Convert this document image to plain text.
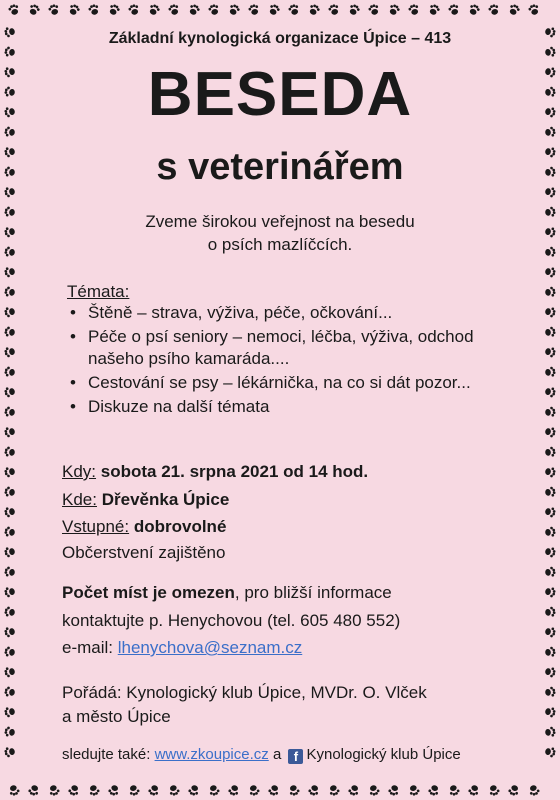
Základní kynologická organizace Úpice – 413
BESEDA
s veterinářem
Zveme širokou veřejnost na besedu
o psích mazlíčcích.
Témata:
• Štěně – strava, výživa, péče, očkování...
• Péče o psí seniory – nemoci, léčba, výživa, odchod našeho psího kamaráda....
• Cestování se psy – lékárnička, na co si dát pozor...
• Diskuze na další témata
Kdy: sobota 21. srpna 2021 od 14 hod.
Kde: Dřevěnka Úpice
Vstupné: dobrovolné
Občerstvení zajištěno
Počet míst je omezen, pro bližší informace
kontaktujte p. Henychovou (tel. 605 480 552)
e-mail: lhenychova@seznam.cz
Pořádá: Kynologický klub Úpice, MVDr. O. Vlček
a město Úpice
sledujte také: www.zkoupice.cz a f Kynologický klub Úpice
